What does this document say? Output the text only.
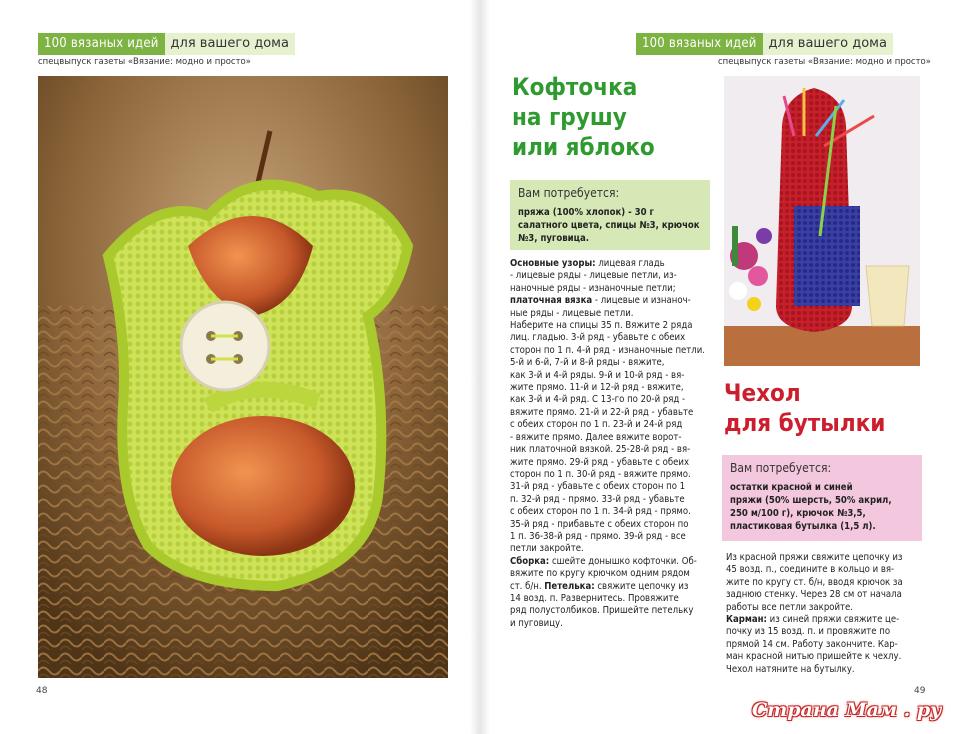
100 вязаных идей для вашего дома
спецвыпуск газеты «Вязание: модно и просто»
48
100 вязаных идей для вашего дома
спецвыпуск газеты «Вязание: модно и просто»
Кофточка
на грушу
или яблоко
Вам потребуется:
пряжа (100% хлопок) - 30 г
салатного цвета, спицы №3, крючок
№3, пуговица.
Основные узоры: лицевая гладь
- лицевые ряды - лицевые петли, из-
наночные ряды - изнаночные петли;
платочная вязка - лицевые и изнаноч-
ные ряды - лицевые петли.
Наберите на спицы 35 п. Вяжите 2 ряда
лиц. гладью. 3-й ряд - убавьте с обеих
сторон по 1 п. 4-й ряд - изнаночные петли.
5-й и 6-й, 7-й и 8-й ряды - вяжите,
как 3-й и 4-й ряды. 9-й и 10-й ряд - вя-
жите прямо. 11-й и 12-й ряд - вяжите,
как 3-й и 4-й ряд. С 13-го по 20-й ряд -
вяжите прямо. 21-й и 22-й ряд - убавьте
с обеих сторон по 1 п. 23-й и 24-й ряд
- вяжите прямо. Далее вяжите ворот-
ник платочной вязкой. 25-28-й ряд - вя-
жите прямо. 29-й ряд - убавьте с обеих
сторон по 1 п. 30-й ряд - вяжите прямо.
31-й ряд - убавьте с обеих сторон по 1
п. 32-й ряд - прямо. 33-й ряд - убавьте
с обеих сторон по 1 п. 34-й ряд - прямо.
35-й ряд - прибавьте с обеих сторон по
1 п. 36-38-й ряд - прямо. 39-й ряд - все
петли закройте.
Сборка: сшейте донышко кофточки. Об-
вяжите по кругу крючком одним рядом
ст. б/н. Петелька: свяжите цепочку из
14 возд. п. Развернитесь. Провяжите
ряд полустолбиков. Пришейте петельку
и пуговицу.
Чехол
для бутылки
Вам потребуется:
остатки красной и синей
пряжи (50% шерсть, 50% акрил,
250 м/100 г), крючок №3,5,
пластиковая бутылка (1,5 л).
Из красной пряжи свяжите цепочку из
45 возд. п., соедините в кольцо и вя-
жите по кругу ст. б/н, вводя крючок за
заднюю стенку. Через 28 см от начала
работы все петли закройте.
Карман: из синей пряжи свяжите це-
почку из 15 возд. п. и провяжите по
прямой 14 см. Работу закончите. Кар-
ман красной нитью пришейте к чехлу.
Чехол натяните на бутылку.
49
Страна Мам . ру
